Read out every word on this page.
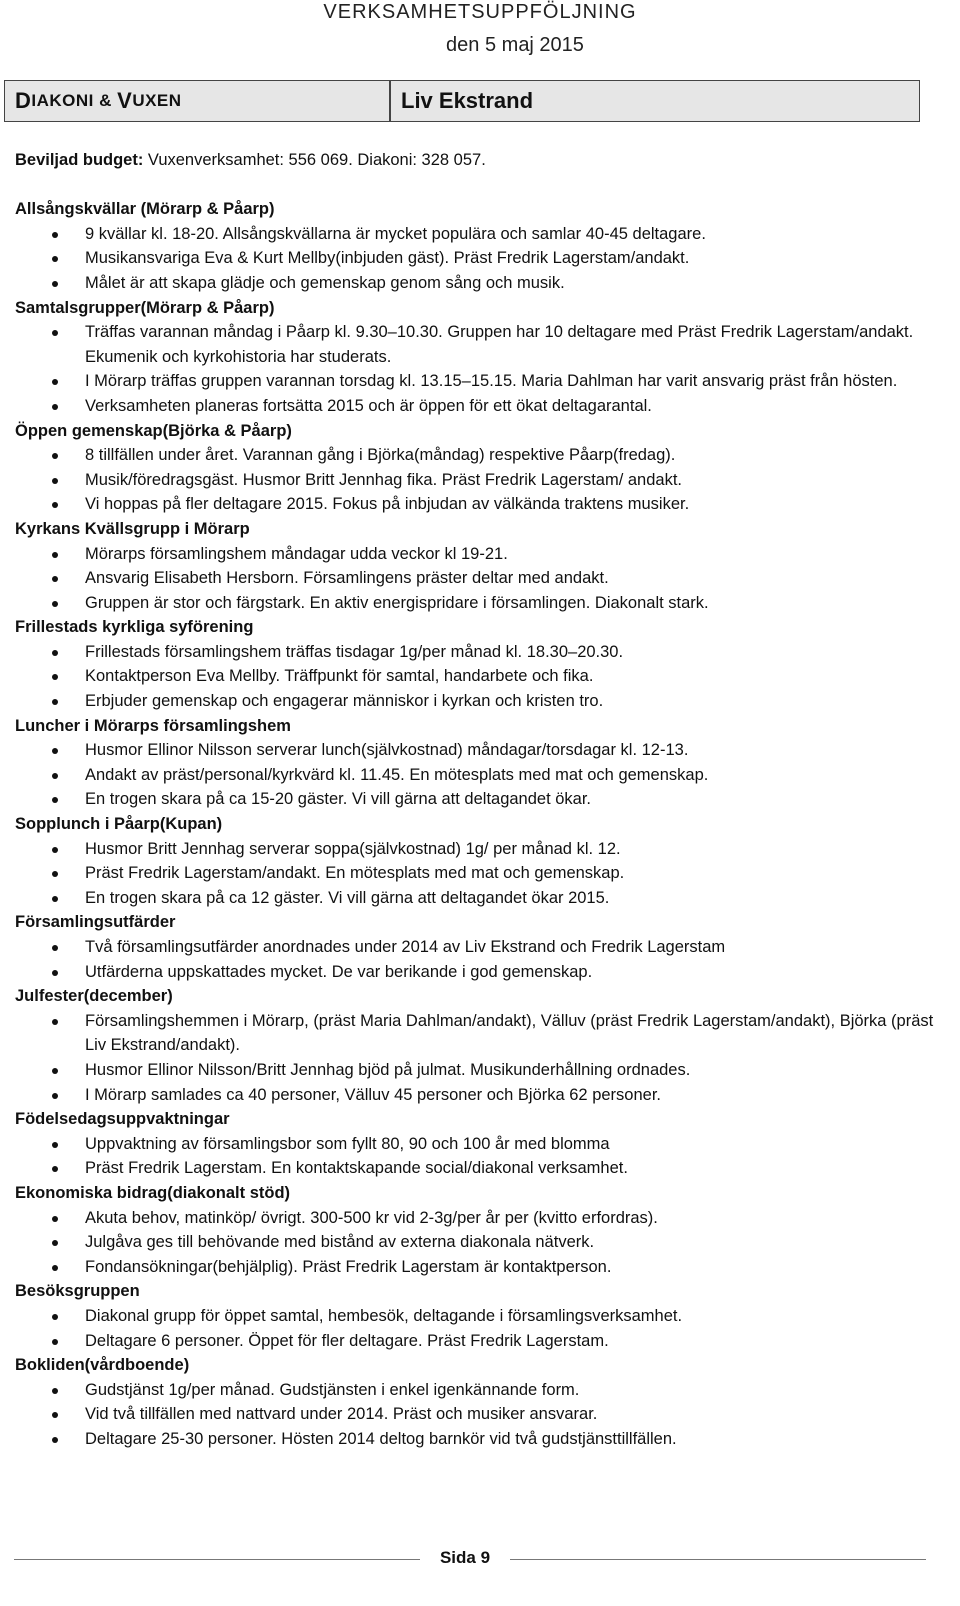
VERKSAMHETSUPPFÖLJNING
den 5 maj 2015
D IAKONI & V UXEN	Liv Ekstrand

Beviljad budget: Vuxenverksamhet: 556 069. Diakoni: 328 057.

Allsångskvällar (Mörarp & Påarp)

9 kvällar kl. 18-20. Allsångskvällarna är mycket populära och samlar 40-45 deltagare.
Musikansvariga Eva & Kurt Mellby(inbjuden gäst). Präst Fredrik Lagerstam/andakt.
Målet är att skapa glädje och gemenskap genom sång och musik.

Samtalsgrupper(Mörarp & Påarp)

Träffas varannan måndag i Påarp kl. 9.30–10.30. Gruppen har 10 deltagare med Präst Fredrik Lagerstam/andakt. Ekumenik och kyrkohistoria har studerats.
I Mörarp träffas gruppen varannan torsdag kl. 13.15–15.15. Maria Dahlman har varit ansvarig präst från hösten.
Verksamheten planeras fortsätta 2015 och är öppen för ett ökat deltagarantal.

Öppen gemenskap(Björka & Påarp)

8 tillfällen under året. Varannan gång i Björka(måndag) respektive Påarp(fredag).
Musik/föredragsgäst. Husmor Britt Jennhag fika. Präst Fredrik Lagerstam/ andakt.
Vi hoppas på fler deltagare 2015. Fokus på inbjudan av välkända traktens musiker.

Kyrkans Kvällsgrupp i Mörarp

Mörarps församlingshem måndagar udda veckor kl 19-21.
Ansvarig Elisabeth Hersborn. Församlingens präster deltar med andakt.
Gruppen är stor och färgstark. En aktiv energispridare i församlingen. Diakonalt stark.

Frillestads kyrkliga syförening

Frillestads församlingshem träffas tisdagar 1g/per månad kl. 18.30–20.30.
Kontaktperson Eva Mellby. Träffpunkt för samtal, handarbete och fika.
Erbjuder gemenskap och engagerar människor i kyrkan och kristen tro.

Luncher i Mörarps församlingshem

Husmor Ellinor Nilsson serverar lunch(självkostnad) måndagar/torsdagar kl. 12-13.
Andakt av präst/personal/kyrkvärd kl. 11.45. En mötesplats med mat och gemenskap.
En trogen skara på ca 15-20 gäster. Vi vill gärna att deltagandet ökar.

Sopplunch i Påarp(Kupan)

Husmor Britt Jennhag serverar soppa(självkostnad) 1g/ per månad kl. 12.
Präst Fredrik Lagerstam/andakt. En mötesplats med mat och gemenskap.
En trogen skara på ca 12 gäster. Vi vill gärna att deltagandet ökar 2015.

Församlingsutfärder

Två församlingsutfärder anordnades under 2014 av Liv Ekstrand och Fredrik Lagerstam
Utfärderna uppskattades mycket. De var berikande i god gemenskap.

Julfester(december)

Församlingshemmen i Mörarp, (präst Maria Dahlman/andakt), Välluv (präst Fredrik Lagerstam/andakt), Björka (präst Liv Ekstrand/andakt).
Husmor Ellinor Nilsson/Britt Jennhag bjöd på julmat. Musikunderhållning ordnades.
I Mörarp samlades ca 40 personer, Välluv 45 personer och Björka 62 personer.

Födelsedagsuppvaktningar

Uppvaktning av församlingsbor som fyllt 80, 90 och 100 år med blomma
Präst Fredrik Lagerstam. En kontaktskapande social/diakonal verksamhet.

Ekonomiska bidrag(diakonalt stöd)

Akuta behov, matinköp/ övrigt. 300-500 kr vid 2-3g/per år per (kvitto erfordras).
Julgåva ges till behövande med bistånd av externa diakonala nätverk.
Fondansökningar(behjälplig). Präst Fredrik Lagerstam är kontaktperson.

Besöksgruppen

Diakonal grupp för öppet samtal, hembesök, deltagande i församlingsverksamhet.
Deltagare 6 personer. Öppet för fler deltagare. Präst Fredrik Lagerstam.

Bokliden(vårdboende)

Gudstjänst 1g/per månad. Gudstjänsten i enkel igenkännande form.
Vid två tillfällen med nattvard under 2014. Präst och musiker ansvarar.
Deltagare 25-30 personer. Hösten 2014 deltog barnkör vid två gudstjänsttillfällen.
Sida 9
